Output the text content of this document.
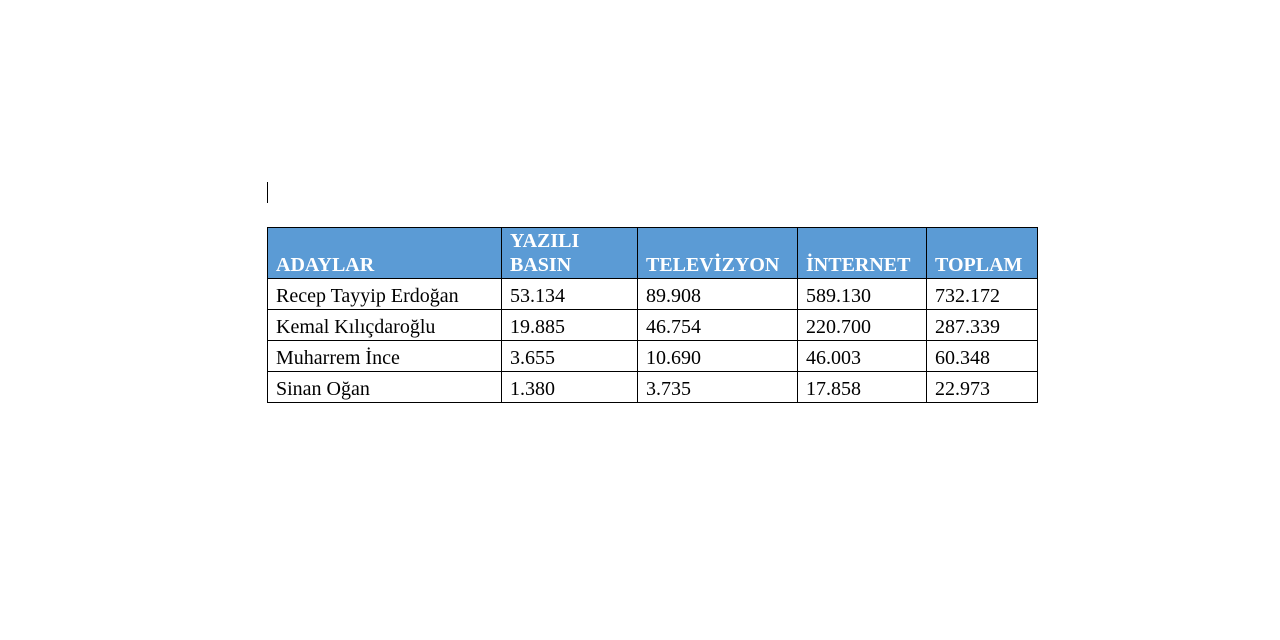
ADAYLAR	YAZILI BASIN	TELEVİZYON	İNTERNET	TOPLAM
Recep Tayyip Erdoğan	53.134	89.908	589.130	732.172
Kemal Kılıçdaroğlu	19.885	46.754	220.700	287.339
Muharrem İnce	3.655	10.690	46.003	60.348
Sinan Oğan	1.380	3.735	17.858	22.973
